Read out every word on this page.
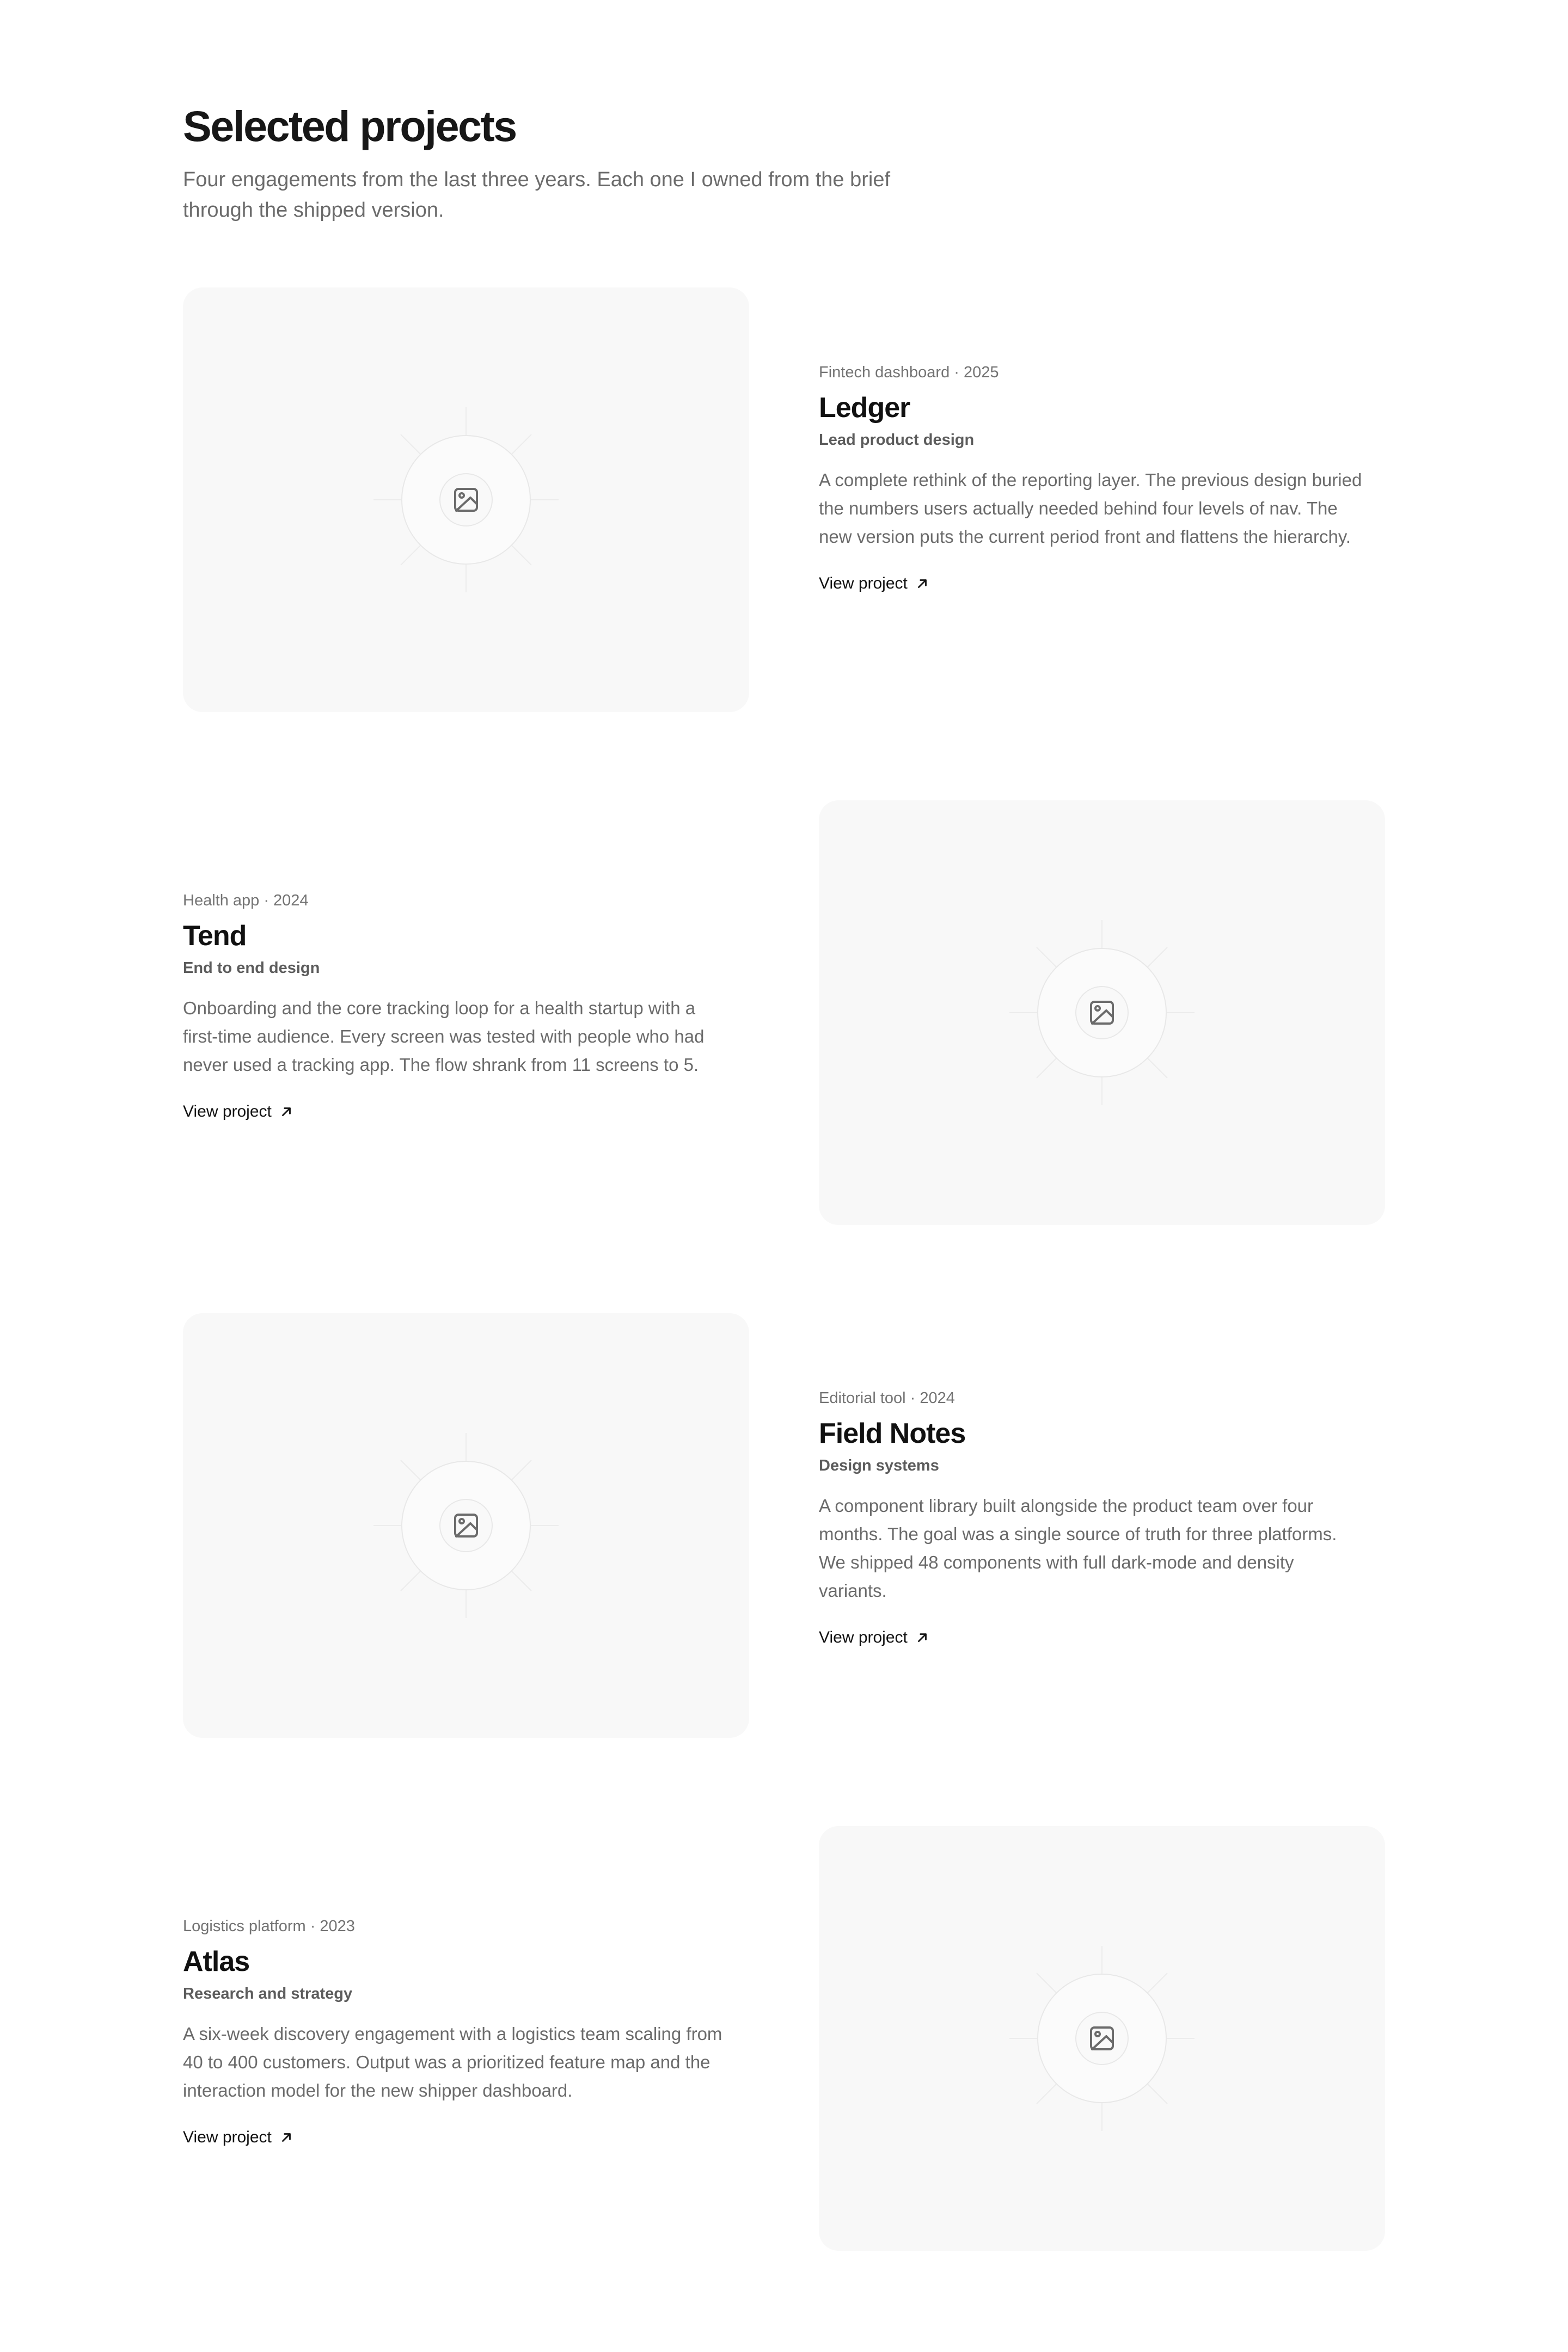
Selected projects

Four engagements from the last three years. Each one I owned from the brief through the shipped version.

Fintech dashboard · 2025
Ledger
Lead product design

A complete rethink of the reporting layer. The previous design buried the numbers users actually needed behind four levels of nav. The new version puts the current period front and flattens the hierarchy.

View project
Health app · 2024
Tend
End to end design

Onboarding and the core tracking loop for a health startup with a first-time audience. Every screen was tested with people who had never used a tracking app. The flow shrank from 11 screens to 5.

View project
Editorial tool · 2024
Field Notes
Design systems

A component library built alongside the product team over four months. The goal was a single source of truth for three platforms. We shipped 48 components with full dark-mode and density variants.

View project
Logistics platform · 2023
Atlas
Research and strategy

A six-week discovery engagement with a logistics team scaling from 40 to 400 customers. Output was a prioritized feature map and the interaction model for the new shipper dashboard.

View project
